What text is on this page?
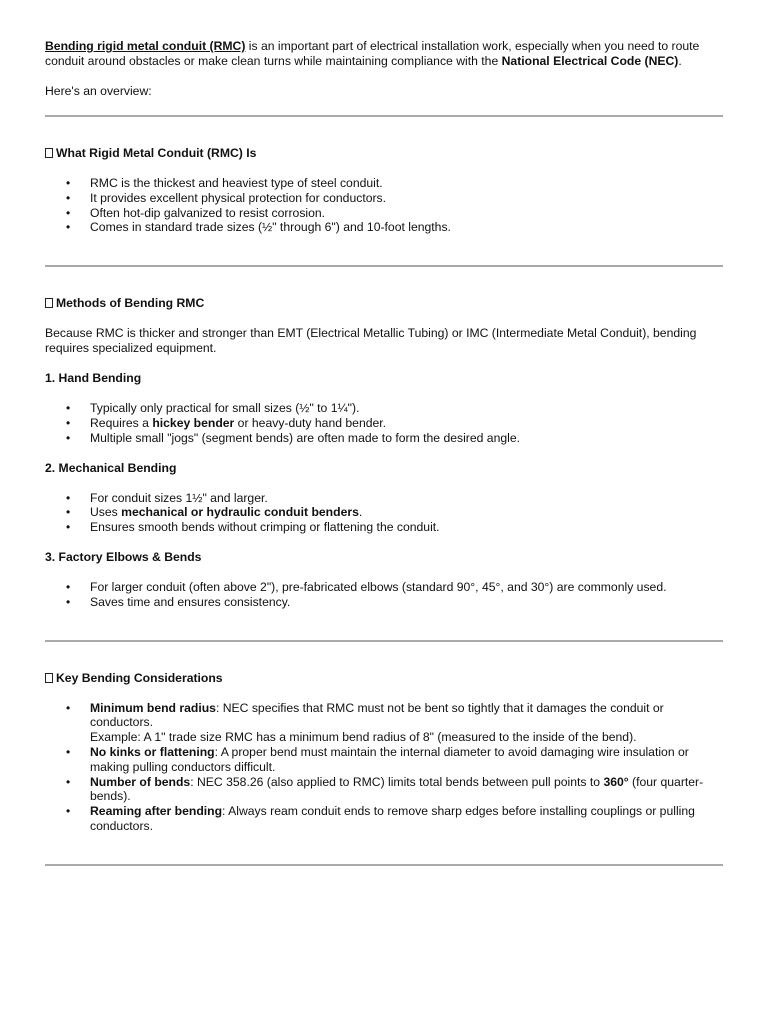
Bending rigid metal conduit (RMC) is an important part of electrical installation work, especially when you need to route conduit around obstacles or make clean turns while maintaining compliance with the National Electrical Code (NEC).

Here's an overview:

What Rigid Metal Conduit (RMC) Is
• RMC is the thickest and heaviest type of steel conduit.
• It provides excellent physical protection for conductors.
• Often hot-dip galvanized to resist corrosion.
• Comes in standard trade sizes (½" through 6") and 10-foot lengths.
Methods of Bending RMC

Because RMC is thicker and stronger than EMT (Electrical Metallic Tubing) or IMC (Intermediate Metal Conduit), bending requires specialized equipment.

1. Hand Bending
• Typically only practical for small sizes (½" to 1¼").
• Requires a hickey bender or heavy-duty hand bender.
• Multiple small "jogs" (segment bends) are often made to form the desired angle.
2. Mechanical Bending
• For conduit sizes 1½" and larger.
• Uses mechanical or hydraulic conduit benders.
• Ensures smooth bends without crimping or flattening the conduit.
3. Factory Elbows & Bends
• For larger conduit (often above 2"), pre-fabricated elbows (standard 90°, 45°, and 30°) are commonly used.
• Saves time and ensures consistency.
Key Bending Considerations
• Minimum bend radius: NEC specifies that RMC must not be bent so tightly that it damages the conduit or conductors.
Example: A 1" trade size RMC has a minimum bend radius of 8" (measured to the inside of the bend).
• No kinks or flattening: A proper bend must maintain the internal diameter to avoid damaging wire insulation or making pulling conductors difficult.
• Number of bends: NEC 358.26 (also applied to RMC) limits total bends between pull points to 360° (four quarter-bends).
• Reaming after bending: Always ream conduit ends to remove sharp edges before installing couplings or pulling conductors.
